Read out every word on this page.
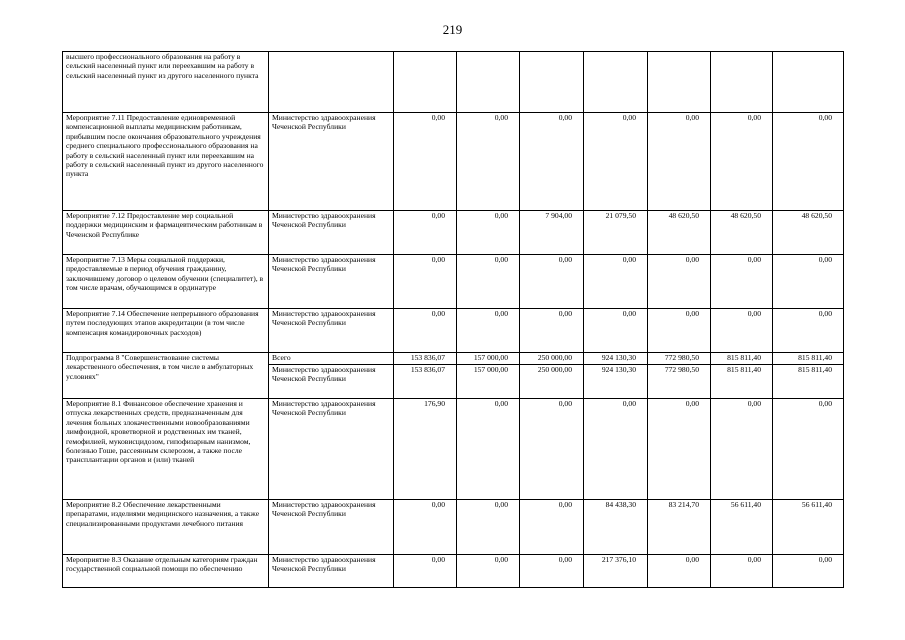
219
высшего профессионального образования на работу в сельский населенный пункт или переехавшим на работу в сельский населенный пункт из другого населенного пункта								
Мероприятие 7.11 Предоставление единовременной компенсационной выплаты медицинским работникам, прибывшим после окончания образовательного учреждения среднего специального профессионального образования на работу в сельский населенный пункт или переехавшим на работу в сельский населенный пункт из другого населенного пункта	Министерство здравоохранения Чеченской Республики	0,00	0,00	0,00	0,00	0,00	0,00	0,00
Мероприятие 7.12 Предоставление мер социальной поддержки медицинским и фармацевтическим работникам в Чеченской Республике	Министерство здравоохранения Чеченской Республики	0,00	0,00	7 904,00	21 079,50	48 620,50	48 620,50	48 620,50
Мероприятие 7.13 Меры социальной поддержки, предоставляемые в период обучения гражданину, заключившему договор о целевом обучении (специалитет), в том числе врачам, обучающимся в ординатуре	Министерство здравоохранения Чеченской Республики	0,00	0,00	0,00	0,00	0,00	0,00	0,00
Мероприятие 7.14 Обеспечение непрерывного образования путем последующих этапов аккредитации (в том числе компенсация командировочных расходов)	Министерство здравоохранения Чеченской Республики	0,00	0,00	0,00	0,00	0,00	0,00	0,00
Подпрограмма 8 "Совершенствование системы лекарственного обеспечения, в том числе в амбулаторных условиях"	Всего	153 836,07	157 000,00	250 000,00	924 130,30	772 980,50	815 811,40	815 811,40
	Министерство здравоохранения Чеченской Республики	153 836,07	157 000,00	250 000,00	924 130,30	772 980,50	815 811,40	815 811,40
Мероприятие 8.1 Финансовое обеспечение хранения и отпуска лекарственных средств, предназначенным для лечения больных злокачественными новообразованиями лимфоидной, кроветворной и родственных им тканей, гемофилией, муковисцидозом, гипофизарным нанизмом, болезнью Гоше, рассеянным склерозом, а также после трансплантации органов и (или) тканей	Министерство здравоохранения Чеченской Республики	176,90	0,00	0,00	0,00	0,00	0,00	0,00
Мероприятие 8.2 Обеспечение лекарственными препаратами, изделиями медицинского назначения, а также специализированными продуктами лечебного питания	Министерство здравоохранения Чеченской Республики	0,00	0,00	0,00	84 438,30	83 214,70	56 611,40	56 611,40
Мероприятие 8.3 Оказание отдельным категориям граждан государственной социальной помощи по обеспечению	Министерство здравоохранения Чеченской Республики	0,00	0,00	0,00	217 376,10	0,00	0,00	0,00
